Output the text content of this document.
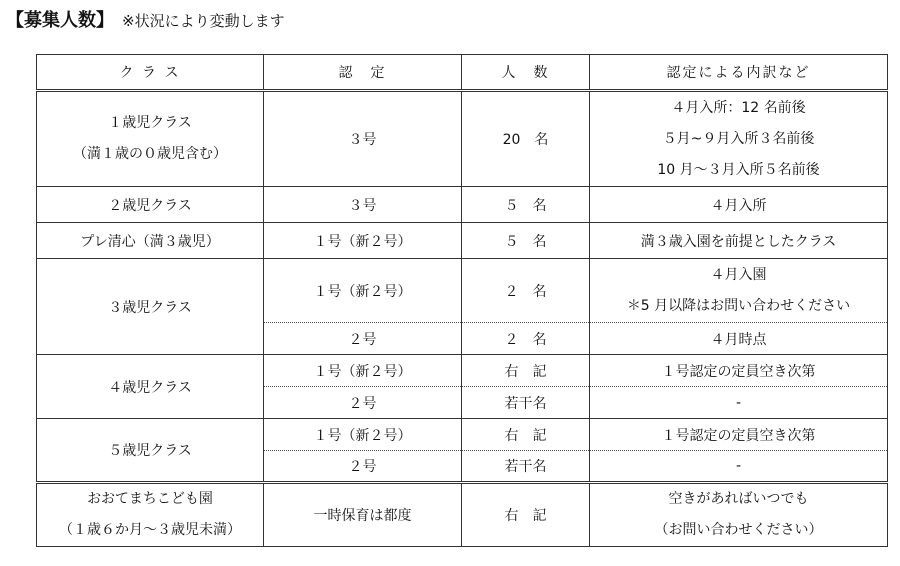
【募集人数】 ※状況により変動します
ク ラ ス	認　定	人　数	認定による内訳など

１歳児クラス
（満１歳の０歳児含む）	３号	20　名	４月入所：12 名前後
５月~９月入所３名前後
10 月～３月入所５名前後

２歳児クラス	３号	５　名	４月入所
プレ清心（満３歳児）	１号（新２号）	５　名	満３歳入園を前提としたクラス
３歳児クラス	１号（新２号）	２　名	４月入園
＊5 月以降はお問い合わせください

	２号	２　名	４月時点
４歳児クラス	１号（新２号）	右　記	１号認定の定員空き次第
	２号	若干名	-
５歳児クラス	１号（新２号）	右　記	１号認定の定員空き次第
	２号	若干名	-

おおてまちこども園
（１歳６か月～３歳児未満）	一時保育は都度	右　記	空きがあればいつでも
（お問い合わせください）
